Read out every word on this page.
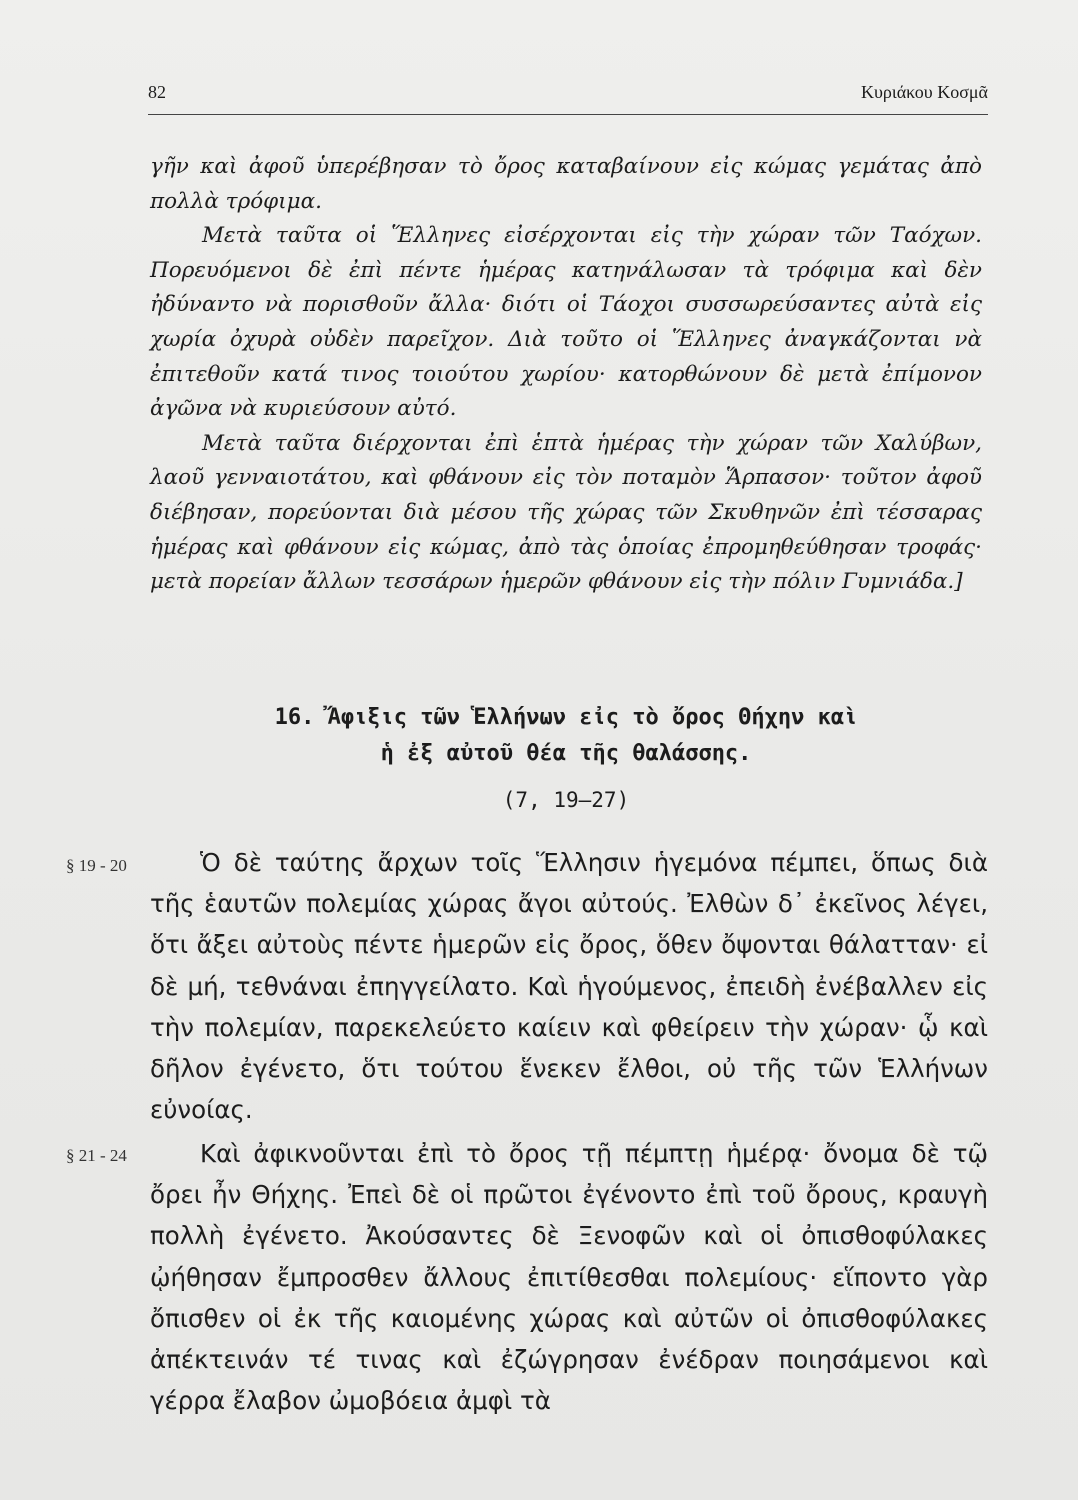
82	Κυριάκου Κοσμᾶ

γῆν καὶ ἀφοῦ ὑπερέβησαν τὸ ὄρος καταβαίνουν εἰς κώμας γεμάτας ἀπὸ πολλὰ τρόφιμα.

Μετὰ ταῦτα οἱ Ἕλληνες εἰσέρχονται εἰς τὴν χώραν τῶν Ταόχων. Πορευόμενοι δὲ ἐπὶ πέντε ἡμέρας κατηνάλωσαν τὰ τρόφιμα καὶ δὲν ἠδύναντο νὰ πορισθοῦν ἄλλα· διότι οἱ Τάοχοι συσσωρεύσαντες αὐτὰ εἰς χωρία ὀχυρὰ οὐδὲν παρεῖχον. Διὰ τοῦτο οἱ Ἕλληνες ἀναγκάζονται νὰ ἐπιτεθοῦν κατά τινος τοιούτου χωρίου· κατορθώνουν δὲ μετὰ ἐπίμονον ἀγῶνα νὰ κυριεύσουν αὐτό.

Μετὰ ταῦτα διέρχονται ἐπὶ ἑπτὰ ἡμέρας τὴν χώραν τῶν Χαλύβων, λαοῦ γενναιοτάτου, καὶ φθάνουν εἰς τὸν ποταμὸν Ἅρπασον· τοῦτον ἀφοῦ διέβησαν, πορεύονται διὰ μέσου τῆς χώρας τῶν Σκυθηνῶν ἐπὶ τέσσαρας ἡμέρας καὶ φθάνουν εἰς κώμας, ἀπὸ τὰς ὁποίας ἐπρομηθεύθησαν τροφάς· μετὰ πορείαν ἄλλων τεσσάρων ἡμερῶν φθάνουν εἰς τὴν πόλιν Γυμνιάδα.]

16. Ἄφιξις τῶν Ἑλλήνων εἰς τὸ ὄρος Θήχην καὶ
ἡ ἐξ αὐτοῦ θέα τῆς θαλάσσης.
(7, 19–27)
§ 19 - 20	Ὁ δὲ ταύτης ἄρχων τοῖς Ἕλλησιν ἡγεμόνα πέμπει, ὅπως διὰ τῆς ἑαυτῶν πολεμίας χώρας ἄγοι αὐτούς. Ἐλθὼν δ᾽ ἐκεῖνος λέγει, ὅτι ἄξει αὐτοὺς πέντε ἡμερῶν εἰς ὄρος, ὅθεν ὄψονται θάλατταν· εἰ δὲ μή, τεθνάναι ἐπηγγείλατο. Καὶ ἡγούμενος, ἐπειδὴ ἐνέβαλλεν εἰς τὴν πολεμίαν, παρεκελεύετο καίειν καὶ φθείρειν τὴν χώραν· ᾧ καὶ δῆλον ἐγένετο, ὅτι τούτου ἕνεκεν ἔλθοι, οὐ τῆς τῶν Ἑλλήνων εὐνοίας.

§ 21 - 24	Καὶ ἀφικνοῦνται ἐπὶ τὸ ὄρος τῇ πέμπτῃ ἡμέρᾳ· ὄνομα δὲ τῷ ὄρει ἦν Θήχης. Ἐπεὶ δὲ οἱ πρῶτοι ἐγένοντο ἐπὶ τοῦ ὄρους, κραυγὴ πολλὴ ἐγένετο. Ἀκούσαντες δὲ Ξενοφῶν καὶ οἱ ὀπισθοφύλακες ᾠήθησαν ἔμπροσθεν ἄλλους ἐπιτίθεσθαι πολεμίους· εἵποντο γὰρ ὄπισθεν οἱ ἐκ τῆς καιομένης χώρας καὶ αὐτῶν οἱ ὀπισθοφύλακες ἀπέκτεινάν τέ τινας καὶ ἐζώγρησαν ἐνέδραν ποιησάμενοι καὶ γέρρα ἔλαβον ὠμοβόεια ἀμφὶ τὰ
